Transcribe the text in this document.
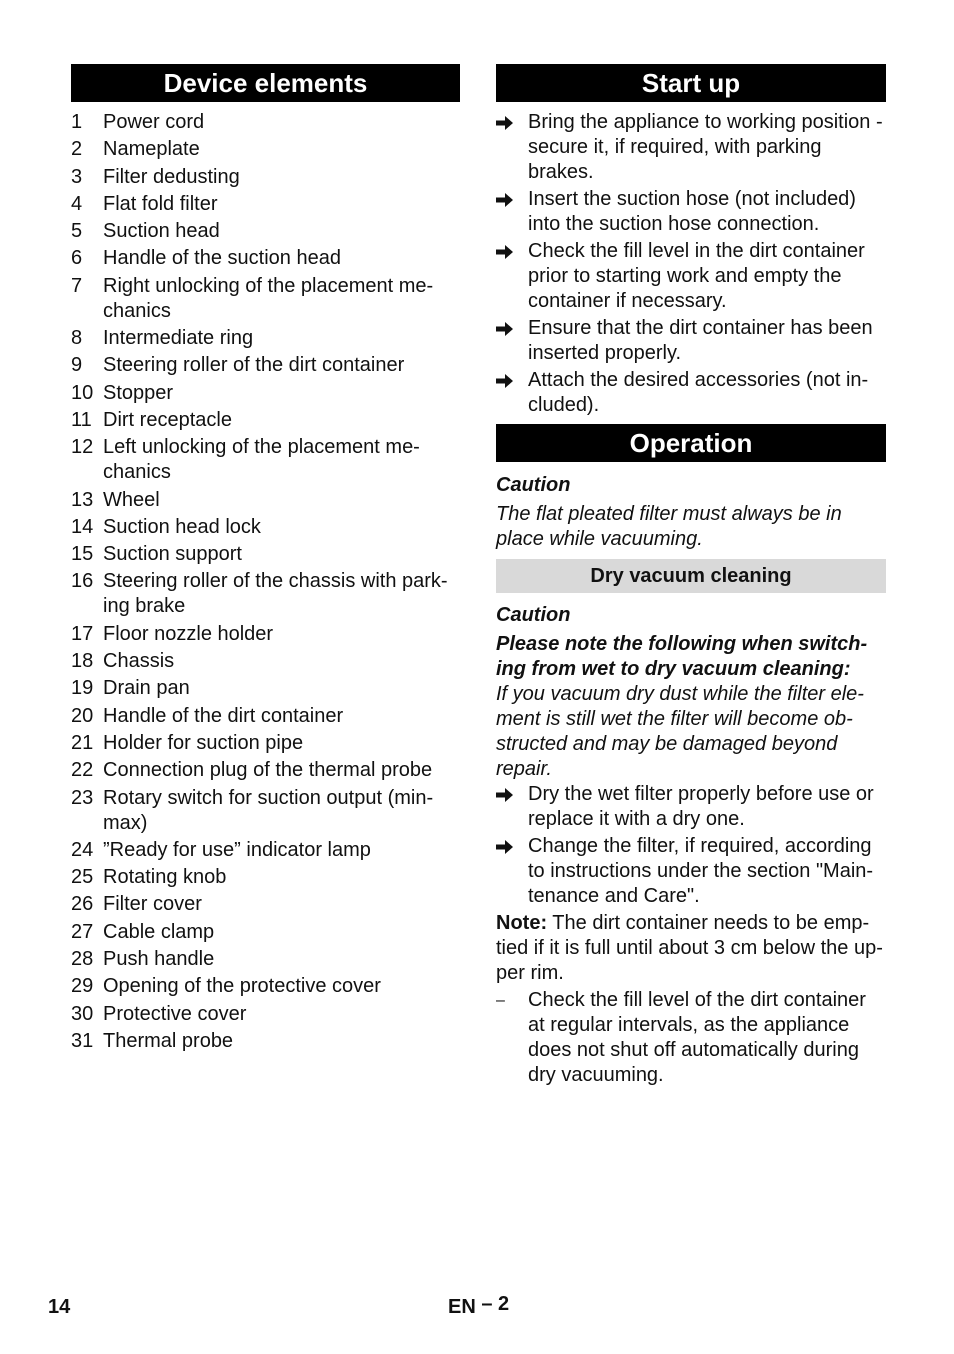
Device elements
1	Power cord
2	Nameplate
3	Filter dedusting
4	Flat fold filter
5	Suction head
6	Handle of the suction head
7	Right unlocking of the placement me-chanics
8	Intermediate ring
9	Steering roller of the dirt container
10 Stopper
11 Dirt receptacle
12 Left unlocking of the placement me-chanics
13 Wheel
14 Suction head lock
15 Suction support
16 Steering roller of the chassis with park-ing brake
17 Floor nozzle holder
18 Chassis
19 Drain pan
20 Handle of the dirt container
21 Holder for suction pipe
22 Connection plug of the thermal probe
23 Rotary switch for suction output (min-max)
24 ”Ready for use” indicator lamp
25 Rotating knob
26 Filter cover
27 Cable clamp
28 Push handle
29 Opening of the protective cover
30 Protective cover
31 Thermal probe
Start up
Bring the appliance to working position - secure it, if required, with parking brakes.
Insert the suction hose (not included) into the suction hose connection.
Check the fill level in the dirt container prior to starting work and empty the container if necessary.
Ensure that the dirt container has been inserted properly.
Attach the desired accessories (not in-cluded).
Operation
Caution
The flat pleated filter must always be in place while vacuuming.
Dry vacuum cleaning
Caution
Please note the following when switch-ing from wet to dry vacuum cleaning:
If you vacuum dry dust while the filter ele-ment is still wet the filter will become ob-structed and may be damaged beyond repair.
Dry the wet filter properly before use or replace it with a dry one.
Change the filter, if required, according to instructions under the section "Main-tenance and Care".
Note: The dirt container needs to be emp-tied if it is full until about 3 cm below the up-per rim.
–	Check the fill level of the dirt container at regular intervals, as the appliance does not shut off automatically during dry vacuuming.
14	EN – 2
